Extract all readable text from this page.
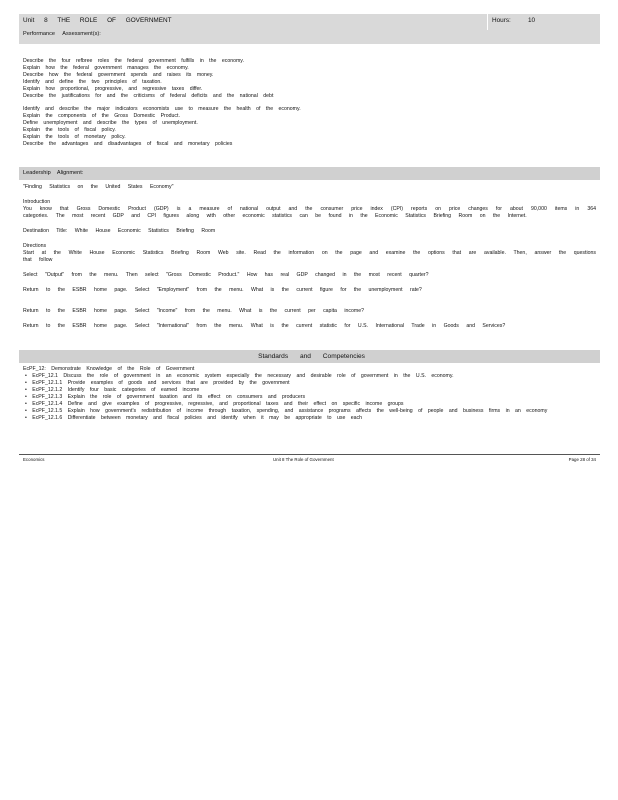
Unit 8 THE ROLE OF GOVERNMENT	Hours:	10
Performance Assessment(s):
Describe the four refbree roles the federal government fulfills in the economy.
Explain how the federal government manages the economy.
Describe how the federal government spends and raises its money.
Identify and define the two principles of taxation.
Explain how proportional, progressive, and regressive taxes differ.
Describe the justifications for and the criticisms of federal deficits and the national debt
Identify and describe the major indicators economists use to measure the health of the economy.
Explain the components of the Gross Domestic Product.
Define unemployment and describe the types of unemployment.
Explain the tools of fiscal policy.
Explain the tools of monetary policy.
Describe the advantages and disadvantages of fiscal and monetary policies
Leadership Alignment:
"Finding Statistics on the United States Economy"
Introduction
You know that Gross Domestic Product (GDP) is a measure of national output and the consumer price index (CPI) reports on price changes for about 90,000 items in 364 categories. The most recent GDP and CPI figures along with other economic statistics can be found in the Economic Statistics Briefing Room on the Internet.
Destination Title: White House Economic Statistics Briefing Room
Directions
Start at the White House Economic Statistics Briefing Room Web site. Read the information on the page and examine the options that are available. Then, answer the questions that follow
Select "Output" from the menu. Then select "Gross Domestic Product." How has real GDP changed in the most recent quarter?
Return to the ESBR home page. Select "Employment" from the menu. What is the current figure for the unemployment rate?
Return to the ESBR home page. Select "Income" from the menu. What is the current per capita income?
Return to the ESBR home page. Select "International" from the menu. What is the current statistic for U.S. International Trade in Goods and Services?
Standards and Competencies
EcPF_12: Demonstrate Knowledge of the Role of Government
• EcPF_12.1 Discuss the role of government in an economic system especially the necessary and desirable role of government in the U.S. economy.
• EcPF_12.1.1 Provide examples of goods and services that are provided by the government
• EcPF_12.1.2 Identify four basic categories of earned income
• EcPF_12.1.3 Explain the role of government taxation and its effect on consumers and producers
• EcPF_12.1.4 Define and give examples of progressive, regressive, and proportional taxes and their effect on specific income groups
• EcPF_12.1.5 Explain how government's redistribution of income through taxation, spending, and assistance programs affects the well-being of people and business firms in an economy
• EcPF_12.1.6 Differentiate between monetary and fiscal policies and identify when it may be appropriate to use each
Economics	Unit 8 The Role of Government	Page 28 of 34
